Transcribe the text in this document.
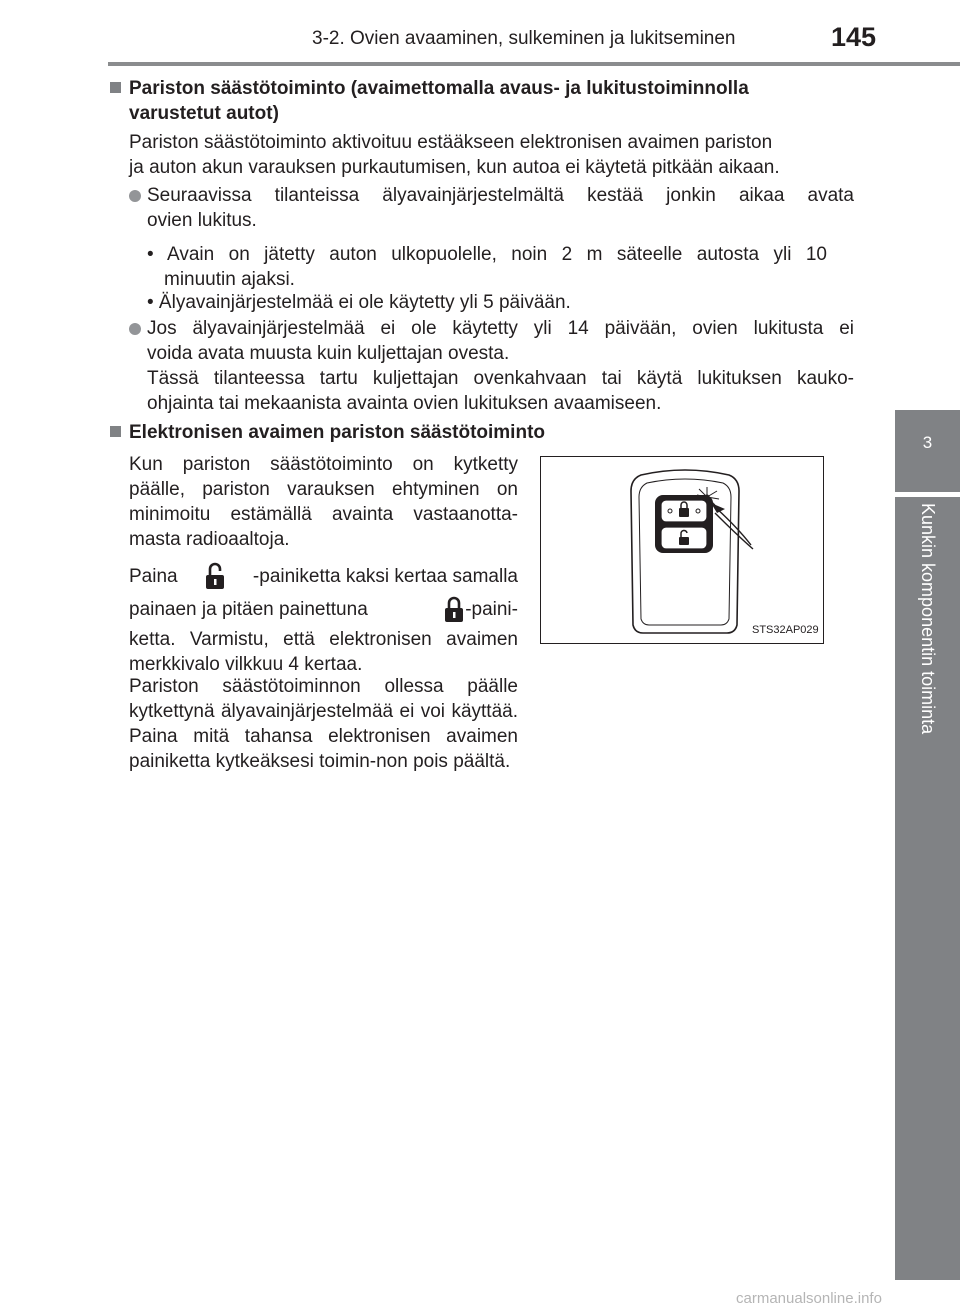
3-2. Ovien avaaminen, sulkeminen ja lukitseminen	145
3
Kunkin komponentin toiminta
Pariston säästötoiminto (avaimettomalla avaus- ja lukitustoiminnolla
varustetut autot)
Pariston säästötoiminto aktivoituu estääkseen elektronisen avaimen pariston
ja auton akun varauksen purkautumisen, kun autoa ei käytetä pitkään aikaan.
Seuraavissa tilanteissa älyavainjärjestelmältä kestää jonkin aikaa avata
ovien lukitus.
• Avain on jätetty auton ulkopuolelle, noin 2 m säteelle autosta yli 10
minuutin ajaksi.
• Älyavainjärjestelmää ei ole käytetty yli 5 päivään.
Jos älyavainjärjestelmää ei ole käytetty yli 14 päivään, ovien lukitusta ei
voida avata muusta kuin kuljettajan ovesta.
Tässä tilanteessa tartu kuljettajan ovenkahvaan tai käytä lukituksen kauko-
ohjainta tai mekaanista avainta ovien lukituksen avaamiseen.
Elektronisen avaimen pariston säästötoiminto
Kun pariston säästötoiminto on kytketty päälle, pariston varauksen ehtyminen on minimoitu estämällä avainta vastaanotta-masta radioaaltoja.
Paina	-painiketta kaksi kertaa samalla
painaen ja pitäen painettuna	-paini-
ketta. Varmistu, että elektronisen avaimen merkkivalo vilkkuu 4 kertaa.
Pariston säästötoiminnon ollessa päälle kytkettynä älyavainjärjestelmää ei voi käyttää. Paina mitä tahansa elektronisen avaimen painiketta kytkeäksesi toimin-non pois päältä.
STS32AP029
carmanualsonline.info
